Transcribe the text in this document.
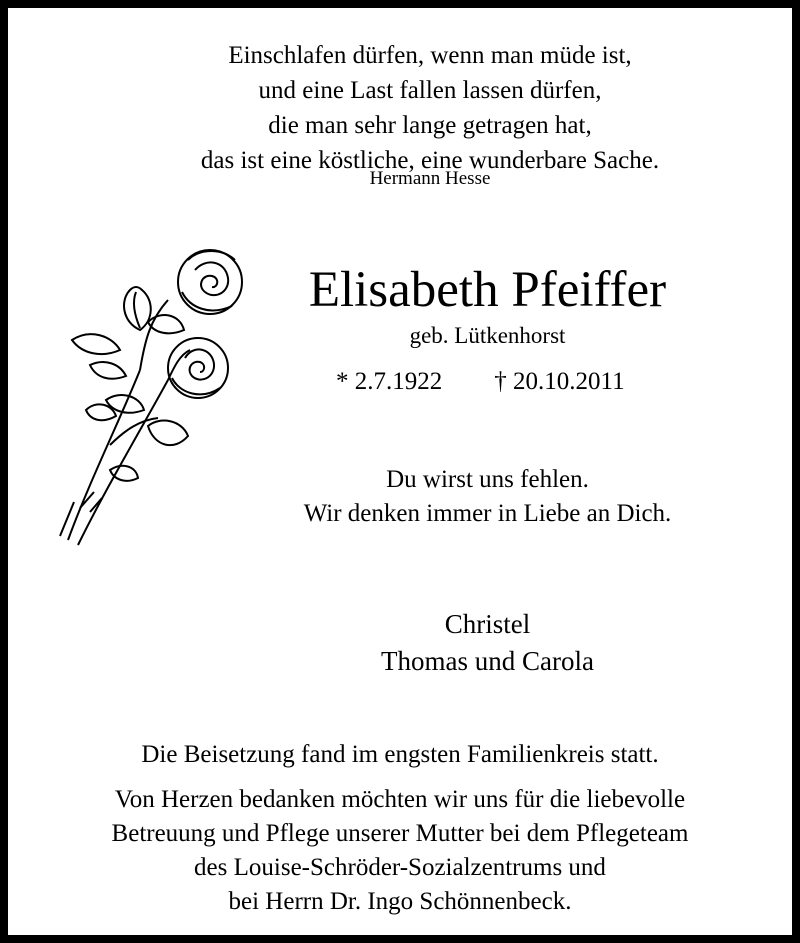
Einschlafen dürfen, wenn man müde ist,
und eine Last fallen lassen dürfen,
die man sehr lange getragen hat,
das ist eine köstliche, eine wunderbare Sache.
Hermann Hesse
Elisabeth Pfeiffer
geb. Lütkenhorst
* 2.7.1922 † 20.10.2011
Du wirst uns fehlen.
Wir denken immer in Liebe an Dich.
Christel
Thomas und Carola
Die Beisetzung fand im engsten Familienkreis statt.
Von Herzen bedanken möchten wir uns für die liebevolle
Betreuung und Pflege unserer Mutter bei dem Pflegeteam
des Louise-Schröder-Sozialzentrums und
bei Herrn Dr. Ingo Schönnenbeck.
